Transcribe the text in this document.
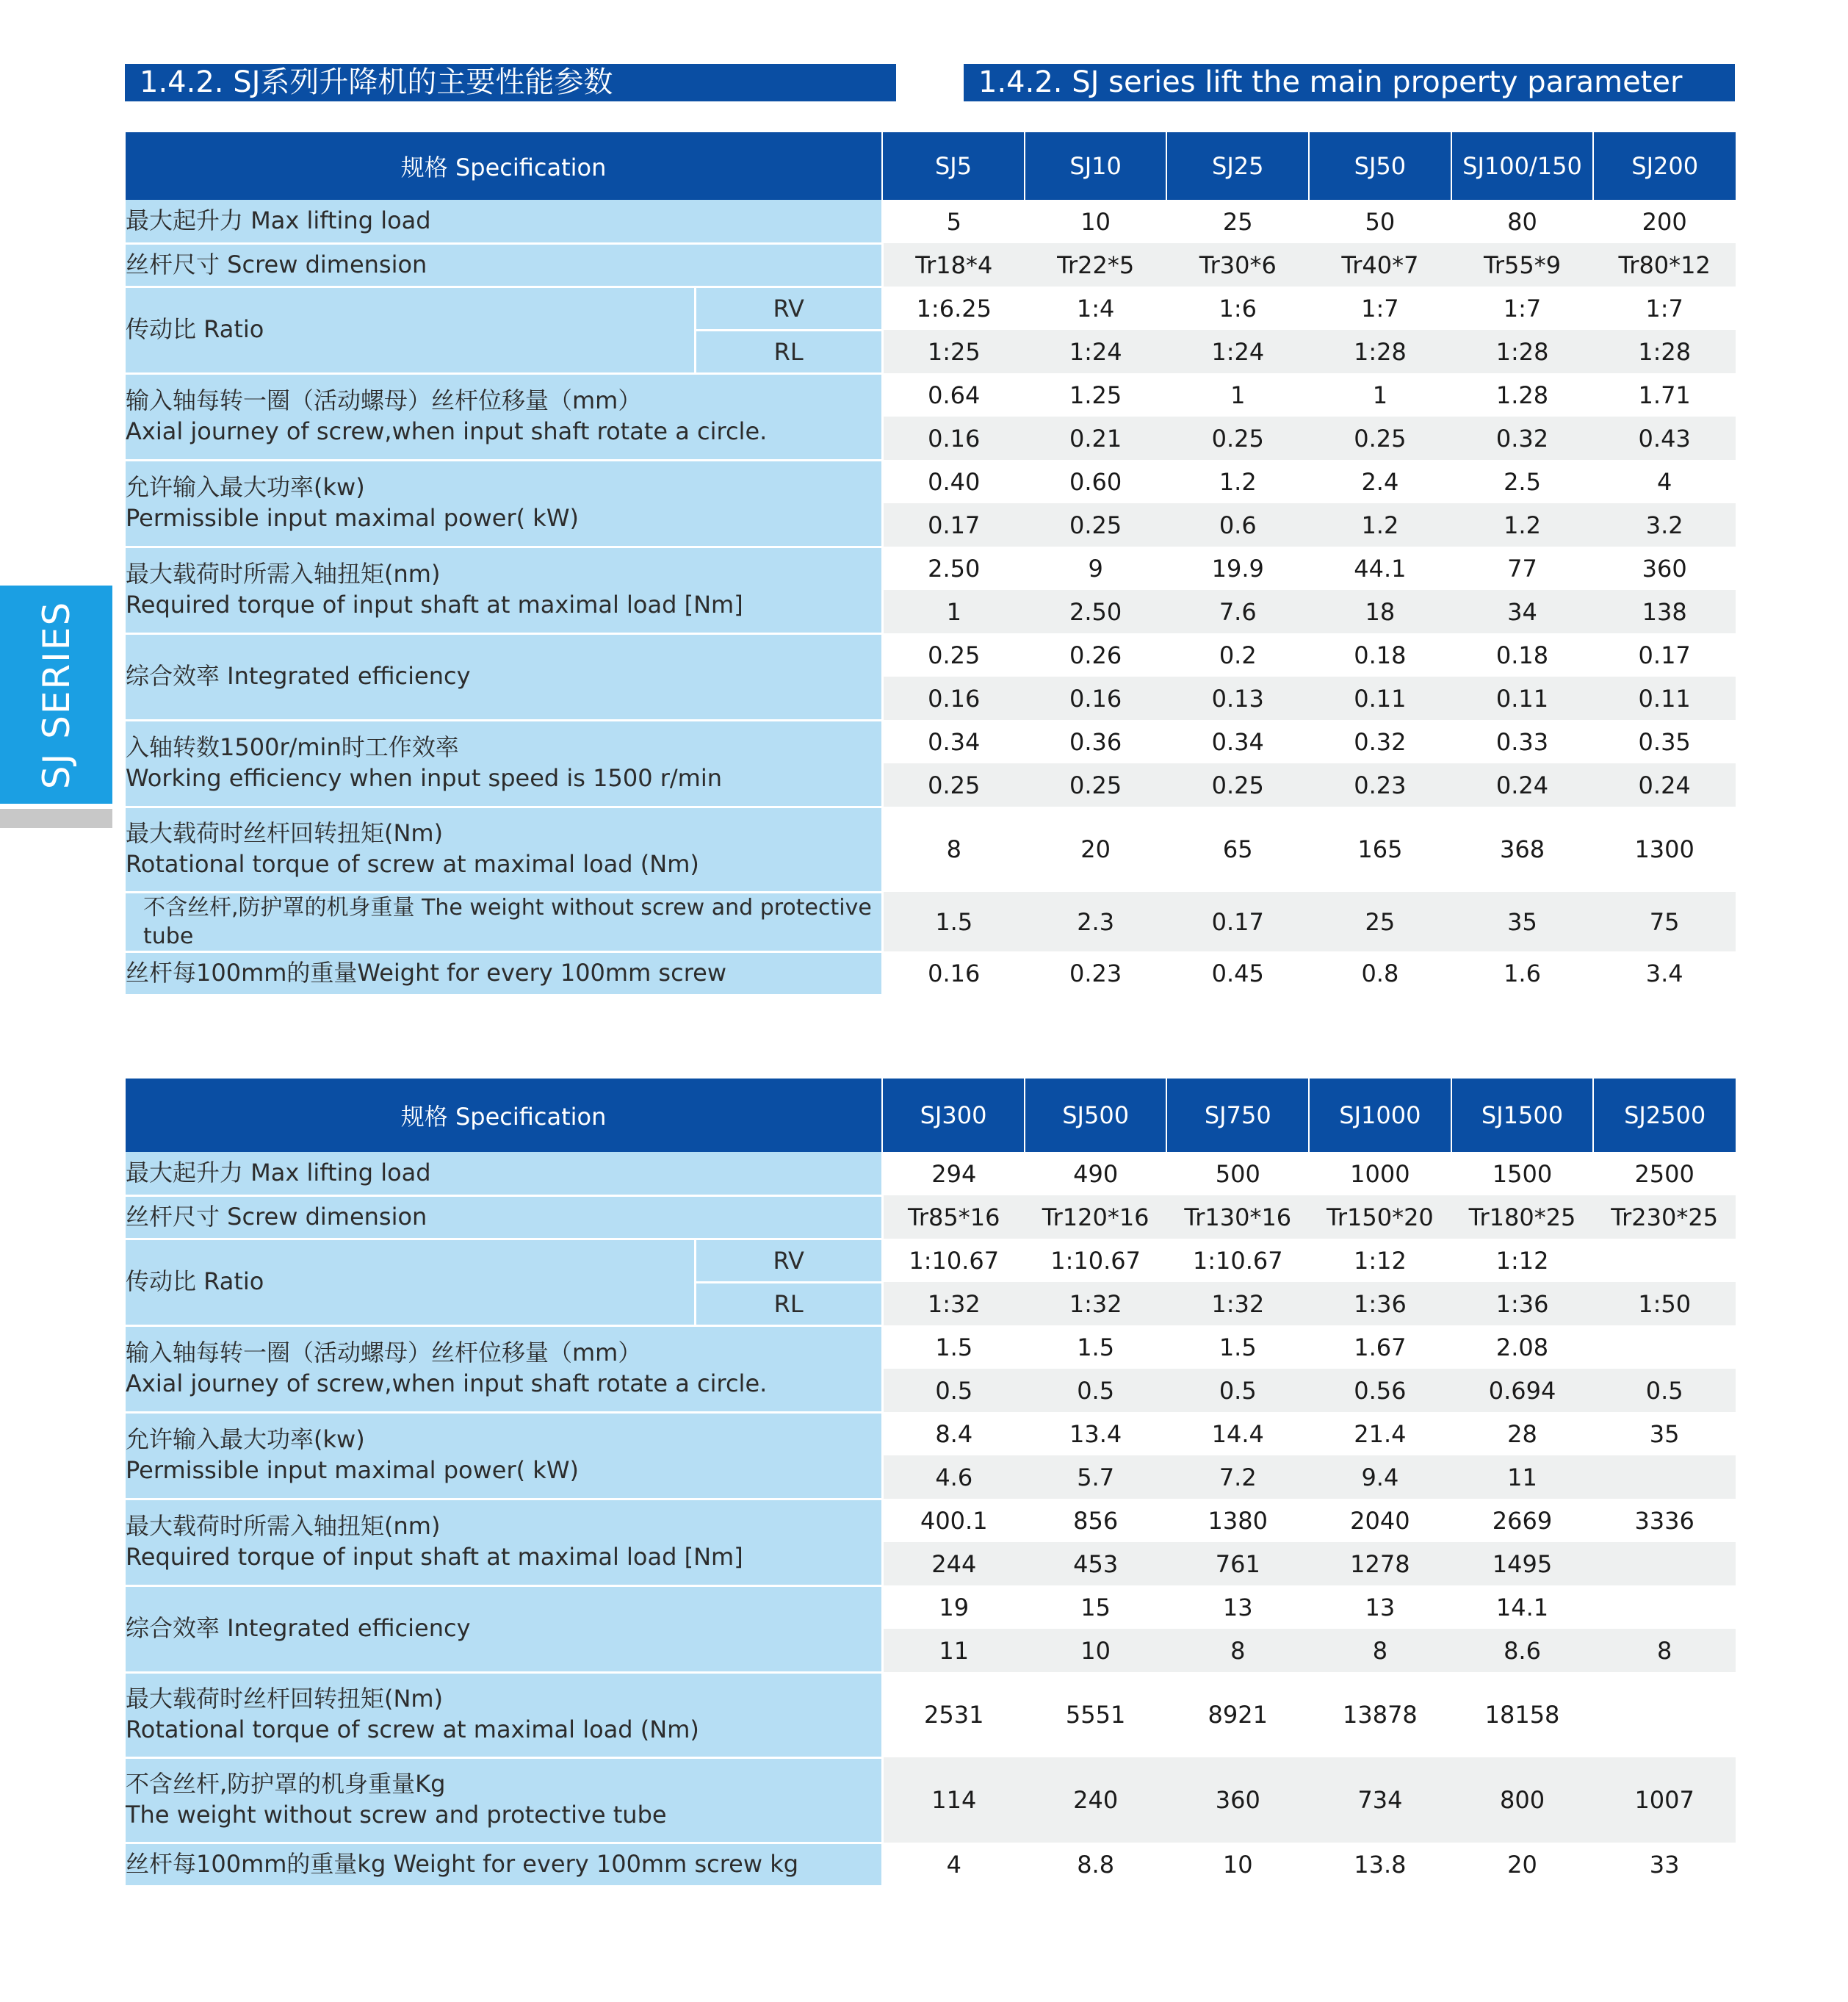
1.4.2. SJ系列升降机的主要性能参数	1.4.2. SJ series lift the main property parameter
SJ SERIES
规格 Specification		SJ5	SJ10	SJ25	SJ50	SJ100/150	SJ200
最大起升力 Max lifting load		5	10	25	50	80	200
丝杆尺寸 Screw dimension		Tr18*4	Tr22*5	Tr30*6	Tr40*7	Tr55*9	Tr80*12
传动比 Ratio	RV	1:6.25	1:4	1:6	1:7	1:7	1:7
	RL	1:25	1:24	1:24	1:28	1:28	1:28

输入轴每转一圈（活动螺母）丝杆位移量（mm）
Axial journey of screw,when input shaft rotate a circle.		0.64	1.25	1	1	1.28	1.71
		0.16	0.21	0.25	0.25	0.32	0.43

允许输入最大功率(kw)
Permissible input maximal power( kW)		0.40	0.60	1.2	2.4	2.5	4
		0.17	0.25	0.6	1.2	1.2	3.2

最大载荷时所需入轴扭矩(nm)
Required torque of input shaft at maximal load [Nm]		2.50	9	19.9	44.1	77	360
		1	2.50	7.6	18	34	138
综合效率 Integrated efficiency		0.25	0.26	0.2	0.18	0.18	0.17
		0.16	0.16	0.13	0.11	0.11	0.11

入轴转数1500r/min时工作效率
Working efficiency when input speed is 1500 r/min		0.34	0.36	0.34	0.32	0.33	0.35
		0.25	0.25	0.25	0.23	0.24	0.24

最大载荷时丝杆回转扭矩(Nm)
Rotational torque of screw at maximal load (Nm)		8	20	65	165	368	1300
不含丝杆,防护罩的机身重量 The weight without screw and protective tube		1.5	2.3	0.17	25	35	75
丝杆每100mm的重量Weight for every 100mm screw		0.16	0.23	0.45	0.8	1.6	3.4
规格 Specification		SJ300	SJ500	SJ750	SJ1000	SJ1500	SJ2500
最大起升力 Max lifting load		294	490	500	1000	1500	2500
丝杆尺寸 Screw dimension		Tr85*16	Tr120*16	Tr130*16	Tr150*20	Tr180*25	Tr230*25
传动比 Ratio	RV	1:10.67	1:10.67	1:10.67	1:12	1:12	
	RL	1:32	1:32	1:32	1:36	1:36	1:50

输入轴每转一圈（活动螺母）丝杆位移量（mm）
Axial journey of screw,when input shaft rotate a circle.		1.5	1.5	1.5	1.67	2.08	
		0.5	0.5	0.5	0.56	0.694	0.5

允许输入最大功率(kw)
Permissible input maximal power( kW)		8.4	13.4	14.4	21.4	28	35
		4.6	5.7	7.2	9.4	11	

最大载荷时所需入轴扭矩(nm)
Required torque of input shaft at maximal load [Nm]		400.1	856	1380	2040	2669	3336
		244	453	761	1278	1495	
综合效率 Integrated efficiency		19	15	13	13	14.1	
		11	10	8	8	8.6	8

最大载荷时丝杆回转扭矩(Nm)
Rotational torque of screw at maximal load (Nm)		2531	5551	8921	13878	18158	

不含丝杆,防护罩的机身重量Kg
The weight without screw and protective tube		114	240	360	734	800	1007
丝杆每100mm的重量kg Weight for every 100mm screw kg		4	8.8	10	13.8	20	33
